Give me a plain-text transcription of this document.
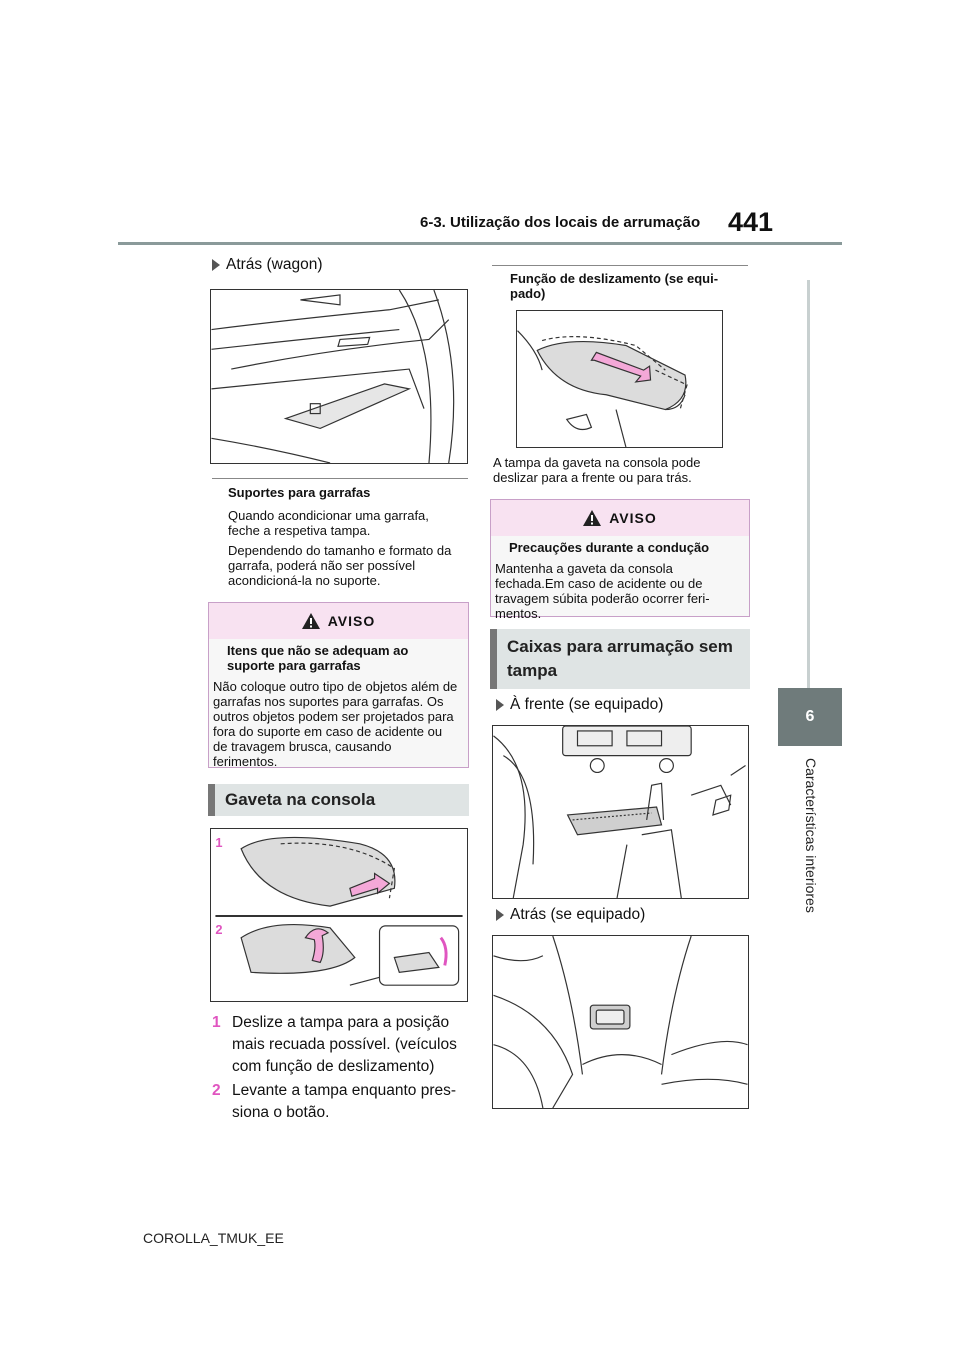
6-3. Utilização dos locais de arrumação 441
6
Características interiores
Atrás (wagon)
Suportes para garrafas
Quando acondicionar uma garrafa, feche a respetiva tampa.
Dependendo do tamanho e formato da garrafa, poderá não ser possível acondicioná-la no suporte.
AVISO
Itens que não se adequam ao suporte para garrafas
Não coloque outro tipo de objetos além de garrafas nos suportes para garrafas. Os outros objetos podem ser projetados para fora do suporte em caso de acidente ou de travagem brusca, causando ferimentos.
Gaveta na consola
1
2
1 Deslize a tampa para a posição mais recuada possível. (veículos com função de deslizamento)
2 Levante a tampa enquanto pres-siona o botão.
Função de deslizamento (se equi-pado)
A tampa da gaveta na consola pode deslizar para a frente ou para trás.
AVISO
Precauções durante a condução
Mantenha a gaveta da consola fechada.Em caso de acidente ou de travagem súbita poderão ocorrer feri-mentos.
Caixas para arrumação sem tampa
À frente (se equipado)
Atrás (se equipado)
COROLLA_TMUK_EE
